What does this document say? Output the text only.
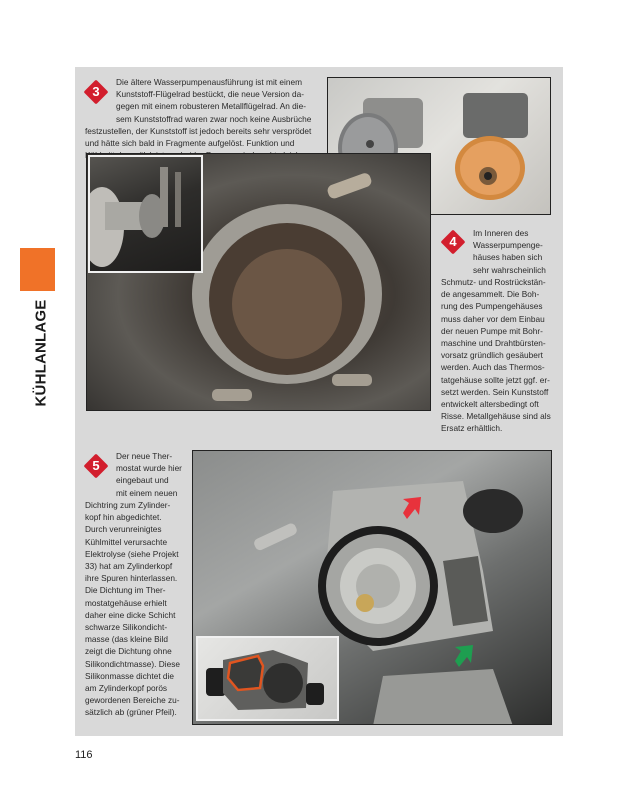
KÜHLANLAGE
3
Die ältere Wasserpumpenausführung ist mit einem
Kunststoff-Flügelrad bestückt, die neue Version da-
gegen mit einem robusteren Metallflügelrad. An die-
sem Kunststoffrad waren zwar noch keine Ausbrüche
festzustellen, der Kunststoff ist jedoch bereits sehr versprödet
und hätte sich bald in Fragmente aufgelöst. Funktion und
4
Im Inneren des
Wasserpumpenge-
häuses haben sich
sehr wahrscheinlich
Schmutz- und Rostrückstän-
de angesammelt. Die Boh-
rung des Pumpengehäuses
muss daher vor dem Einbau
der neuen Pumpe mit Bohr-
maschine und Drahtbürsten-
vorsatz gründlich gesäubert
werden. Auch das Thermos-
tatgehäuse sollte jetzt ggf. er-
setzt werden. Sein Kunststoff
entwickelt altersbedingt oft
Risse. Metallgehäuse sind als
Ersatz erhältlich.
5
Der neue Ther-
mostat wurde hier
eingebaut und
mit einem neuen
Dichtring zum Zylinder-
kopf hin abgedichtet.
Durch verunreinigtes
Kühlmittel verursachte
Elektrolyse (siehe Projekt
33) hat am Zylinderkopf
ihre Spuren hinterlassen.
Die Dichtung im Ther-
mostatgehäuse erhielt
daher eine dicke Schicht
schwarze Silikondicht-
masse (das kleine Bild
zeigt die Dichtung ohne
Silikondichtmasse). Diese
Silikonmasse dichtet die
am Zylinderkopf porös
gewordenen Bereiche zu-
sätzlich ab (grüner Pfeil).
116
